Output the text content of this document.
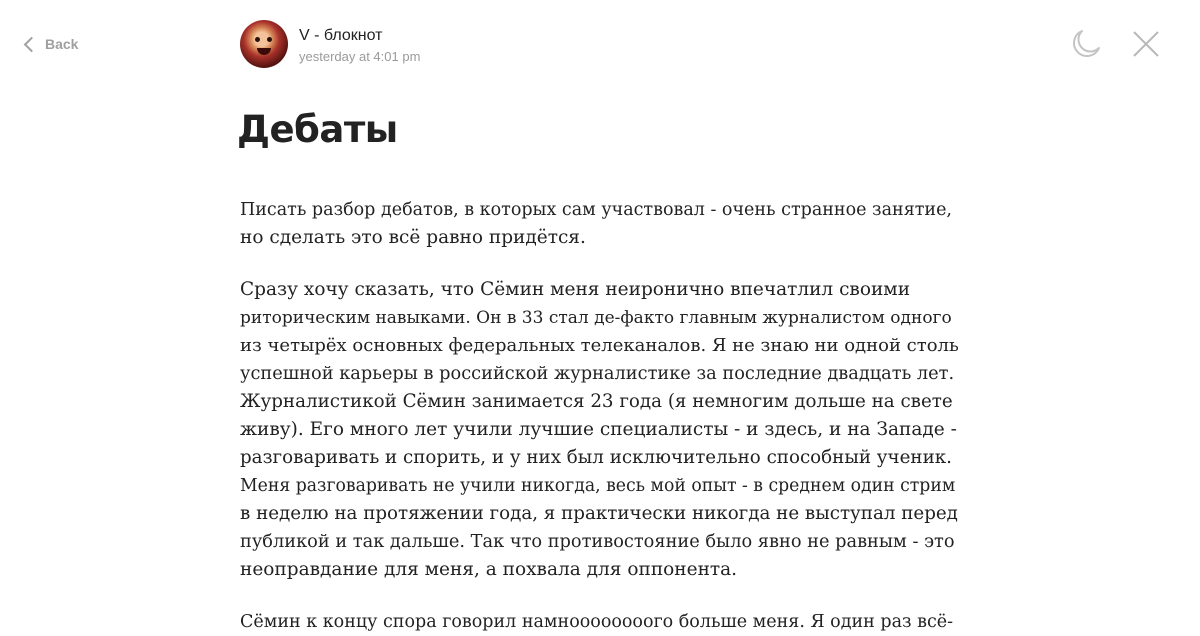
Back	V - блокнот
yesterday at 4:01 pm
Дебаты

Писать разбор дебатов, в которых сам участвовал - очень странное занятие,
но сделать это всё равно придётся.

Сразу хочу сказать, что Сёмин меня неиронично впечатлил своими
риторическим навыками. Он в 33 стал де-факто главным журналистом одного
из четырёх основных федеральных телеканалов. Я не знаю ни одной столь
успешной карьеры в российской журналистике за последние двадцать лет.
Журналистикой Сёмин занимается 23 года (я немногим дольше на свете
живу). Его много лет учили лучшие специалисты - и здесь, и на Западе -
разговаривать и спорить, и у них был исключительно способный ученик.
Меня разговаривать не учили никогда, весь мой опыт - в среднем один стрим
в неделю на протяжении года, я практически никогда не выступал перед
публикой и так дальше. Так что противостояние было явно не равным - это
неоправдание для меня, а похвала для оппонента.

Сёмин к концу спора говорил намноооооооого больше меня. Я один раз всё-
